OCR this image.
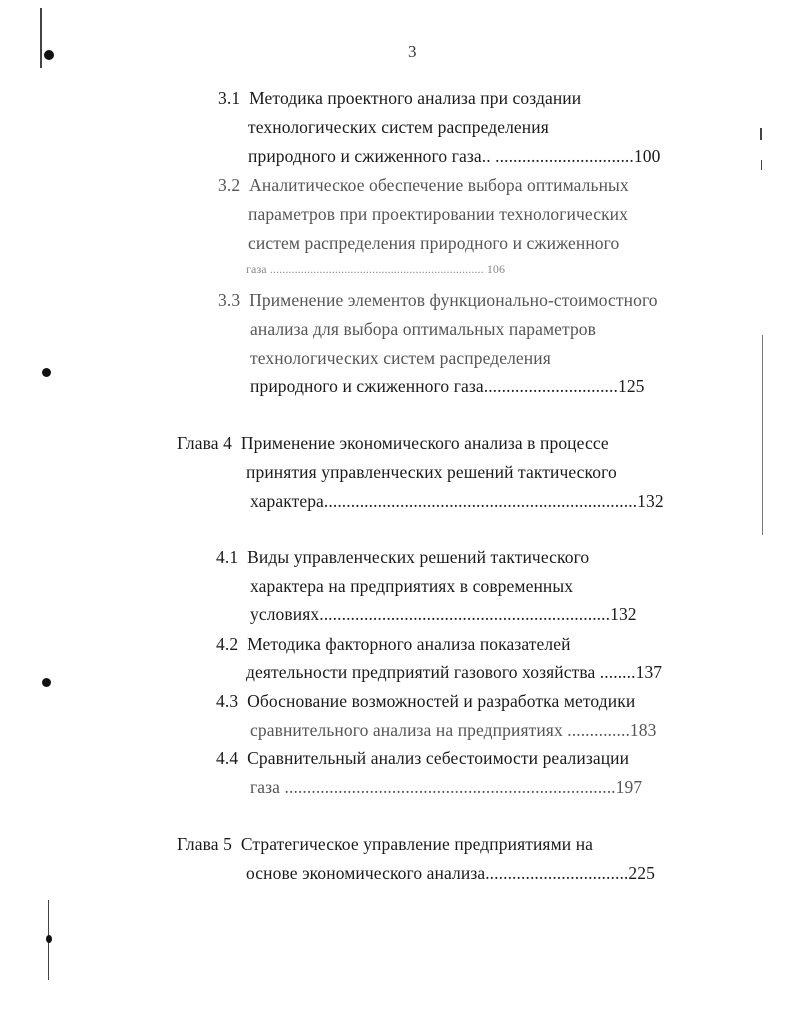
3
3.1  Методика проектного анализа при создании
технологических систем распределения
природного и сжиженного газа.. ...............................100
3.2  Аналитическое обеспечение выбора оптимальных
параметров при проектировании технологических
систем распределения природного и сжиженного
газа ..................................................................... 106
3.3  Применение элементов функционально-стоимостного
анализа для выбора оптимальных параметров
технологических систем распределения
природного и сжиженного газа..............................125
Глава 4  Применение экономического анализа в процессе
принятия управленческих решений тактического
характера......................................................................132
4.1  Виды управленческих решений тактического
характера на предприятиях в современных
условиях.................................................................132
4.2  Методика факторного анализа показателей
деятельности предприятий газового хозяйства ........137
4.3  Обоснование возможностей и разработка методики
сравнительного анализа на предприятиях ..............183
4.4  Сравнительный анализ себестоимости реализации
газа ..........................................................................197
Глава 5  Стратегическое управление предприятиями на
основе экономического анализа................................225
